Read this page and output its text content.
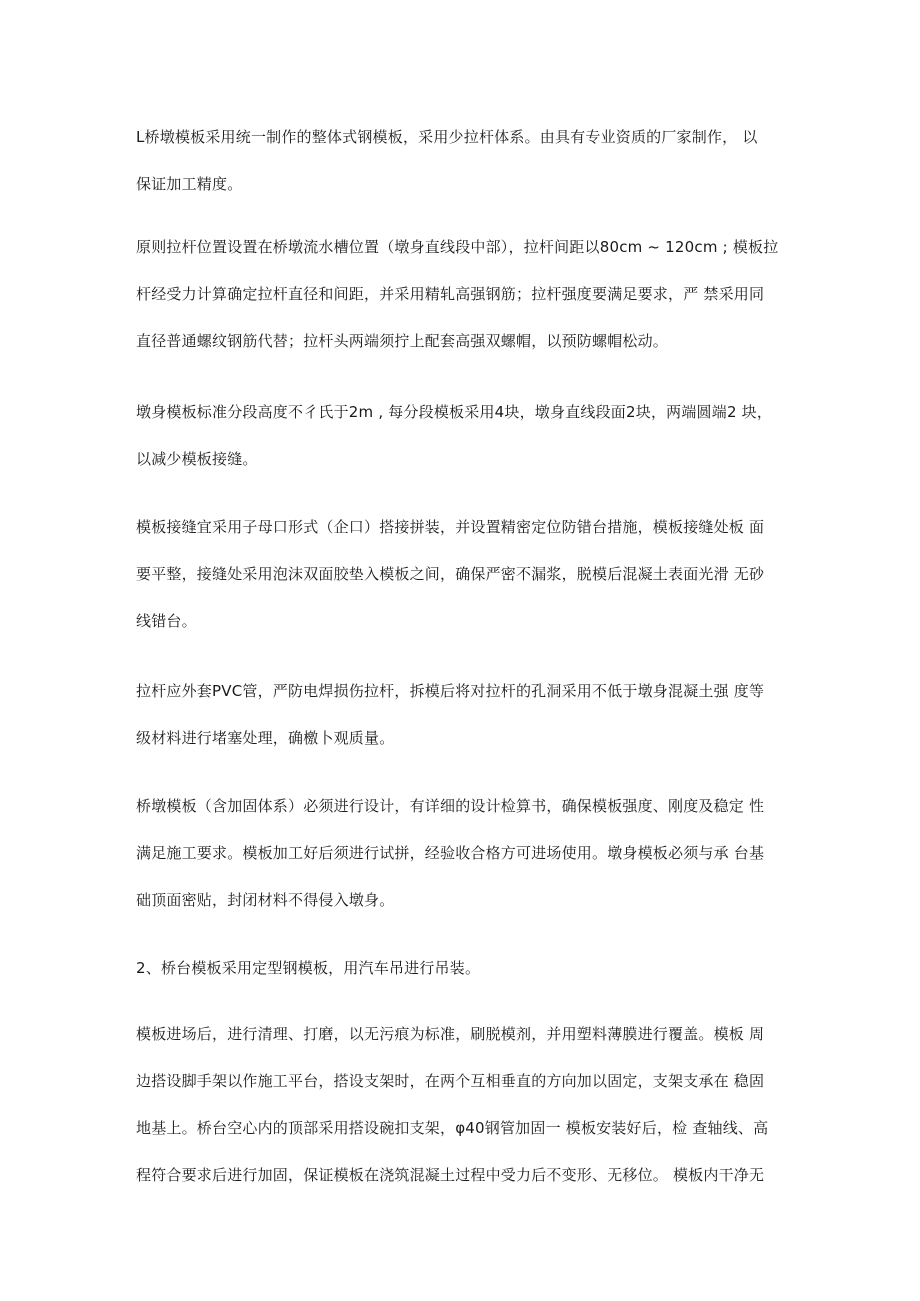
L桥墩模板采用统一制作的整体式钢模板，采用少拉杆体系。由具有专业资质的厂家制作， 以
保证加工精度。
原则拉杆位置设置在桥墩流水槽位置（墩身直线段中部），拉杆间距以80cm ~ 120cm ; 模板拉
杆经受力计算确定拉杆直径和间距，并采用精轧高强钢筋；拉杆强度要满足要求，严 禁采用同
直径普通螺纹钢筋代替；拉杆头两端须拧上配套高强双螺帽，以预防螺帽松动。
墩身模板标准分段高度不彳氏于2m , 每分段模板采用4块，墩身直线段面2块，两端圆端2 块，
以减少模板接缝。
模板接缝宜采用子母口形式（企口）搭接拼装，并设置精密定位防错台措施，模板接缝处板 面
要平整，接缝处采用泡沫双面胶垫入模板之间，确保严密不漏浆，脱模后混凝土表面光滑 无砂
线错台。
拉杆应外套PVC管，严防电焊损伤拉杆，拆模后将对拉杆的孔洞采用不低于墩身混凝土强 度等
级材料进行堵塞处理，确檄卜观质量。
桥墩模板（含加固体系）必须进行设计，有详细的设计检算书，确保模板强度、刚度及稳定 性
满足施工要求。模板加工好后须进行试拼，经验收合格方可进场使用。墩身模板必须与承 台基
础顶面密贴，封闭材料不得侵入墩身。
2、桥台模板采用定型钢模板，用汽车吊进行吊装。
模板进场后，进行清理、打磨，以无污痕为标准，刷脱模剂，并用塑料薄膜进行覆盖。模板 周
边搭设脚手架以作施工平台，搭设支架时，在两个互相垂直的方向加以固定，支架支承在 稳固
地基上。桥台空心内的顶部采用搭设碗扣支架，φ40钢管加固一 模板安装好后，检 查轴线、高
程符合要求后进行加固，保证模板在浇筑混凝土过程中受力后不变形、无移位。 模板内干净无
